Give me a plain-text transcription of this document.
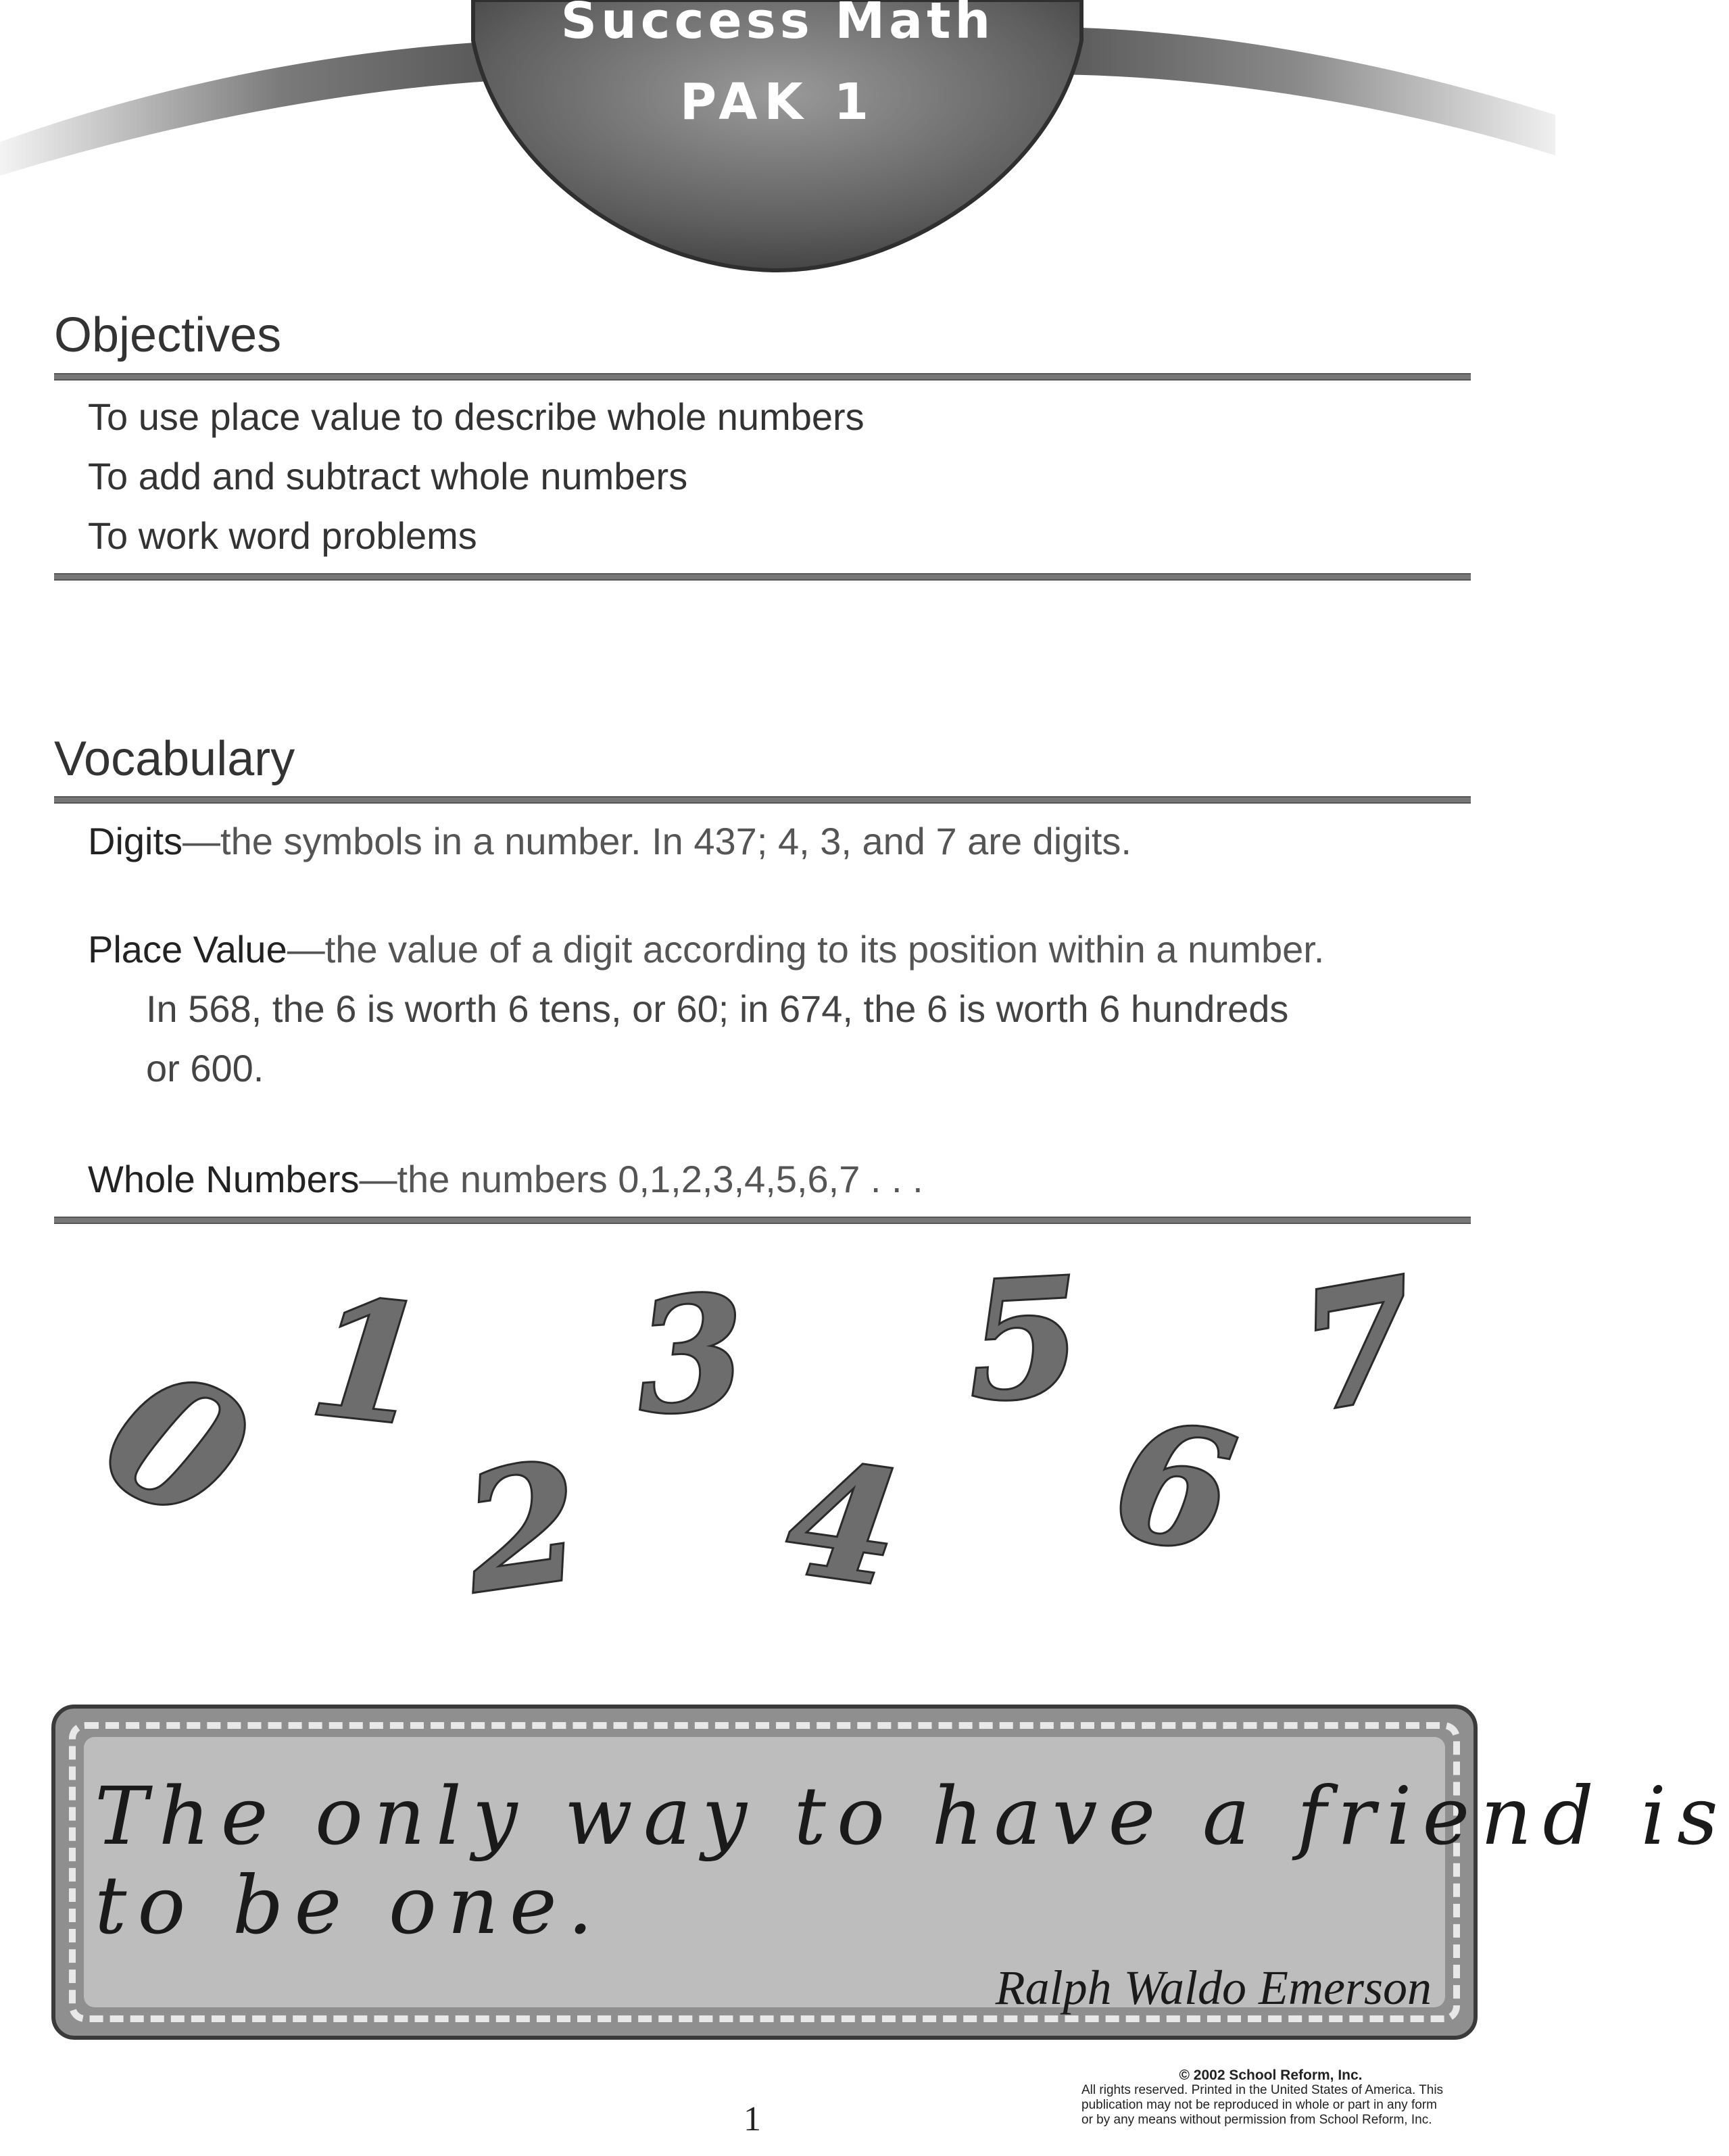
Success Math
PAK 1
Objectives
To use place value to describe whole numbers
To add and subtract whole numbers
To work word problems
Vocabulary
Digits—the symbols in a number. In 437; 4, 3, and 7 are digits.
Place Value—the value of a digit according to its position within a number.
In 568, the 6 is worth 6 tens, or 60; in 674, the 6 is worth 6 hundreds
or 600.
Whole Numbers—the numbers 0,1,2,3,4,5,6,7 . . .
0 1
2
3
4
5
6
7
The only way to have a friend is
to be one.
Ralph Waldo Emerson
1
© 2002 School Reform, Inc.
All rights reserved. Printed in the United States of America. This
publication may not be reproduced in whole or part in any form
or by any means without permission from School Reform, Inc.
